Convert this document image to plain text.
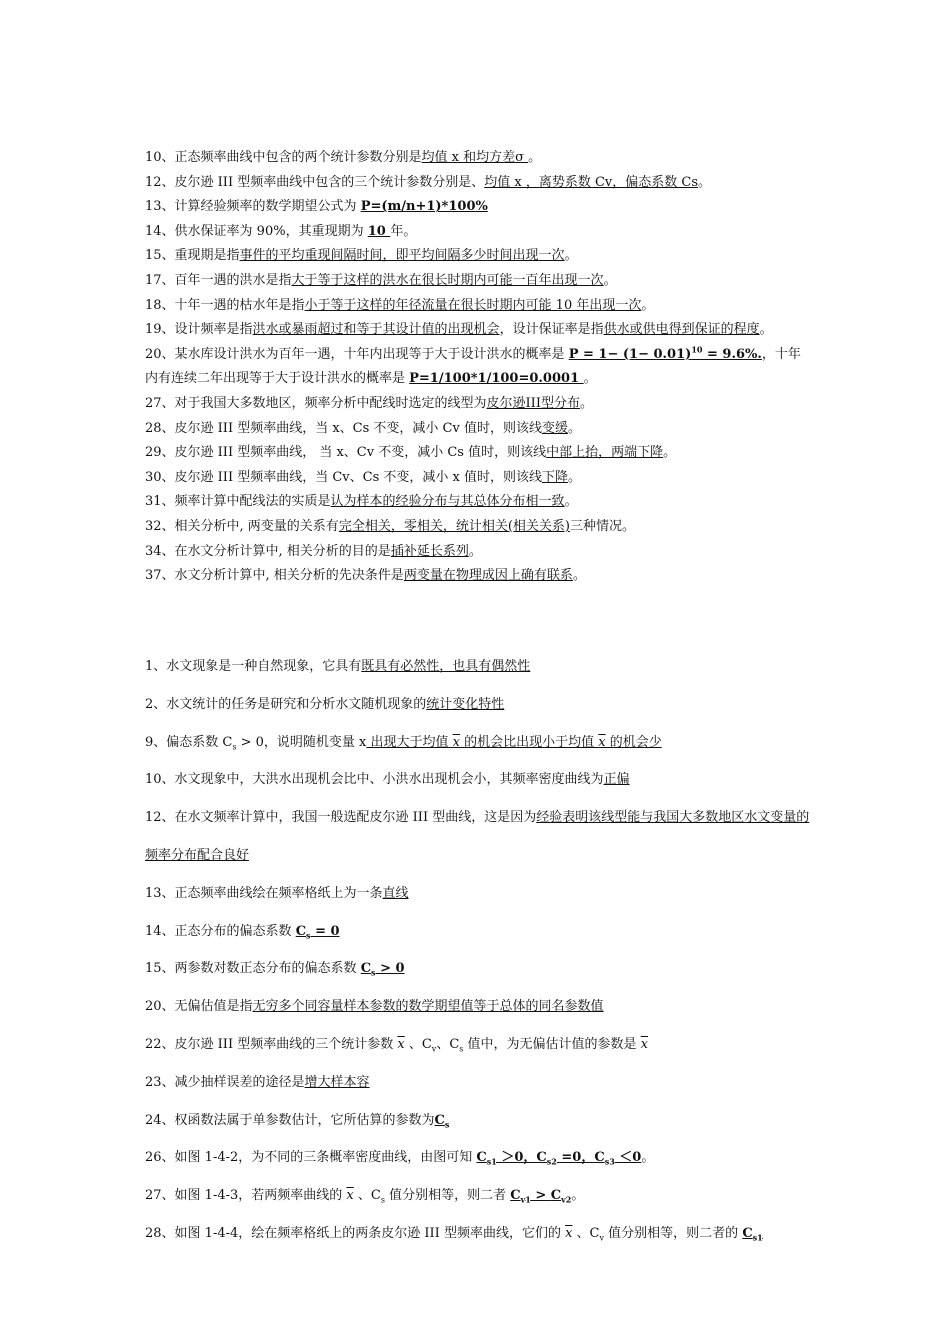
10、正态频率曲线中包含的两个统计参数分别是均值 x 和均方差σ 。

12、皮尔逊 III 型频率曲线中包含的三个统计参数分别是、均值 x ，离势系数 Cv，偏态系数 Cs。

13、计算经验频率的数学期望公式为 P=(m/n+1)*100%

14、供水保证率为 90%，其重现期为 10 年。

15、重现期是指事件的平均重现间隔时间，即平均间隔多少时间出现一次。

17、百年一遇的洪水是指大于等于这样的洪水在很长时期内可能一百年出现一次。

18、十年一遇的枯水年是指小于等于这样的年径流量在很长时期内可能 10 年出现一次。

19、设计频率是指洪水或暴雨超过和等于其设计值的出现机会，设计保证率是指供水或供电得到保证的程度。

20、某水库设计洪水为百年一遇，十年内出现等于大于设计洪水的概率是 $P = 1- (1- 0.01)^{10} = 9.6\%$.，十年内有连续二年出现等于大于设计洪水的概率是 P=1/100*1/100=0.0001 。

27、对于我国大多数地区，频率分析中配线时选定的线型为皮尔逊III型分布。

28、皮尔逊 III 型频率曲线，当 x、Cs 不变，减小 Cv 值时，则该线变缓。

29、皮尔逊 III 型频率曲线， 当 x、Cv 不变，减小 Cs 值时，则该线中部上抬，两端下降。

30、皮尔逊 III 型频率曲线，当 Cv、Cs 不变，减小 x 值时，则该线下降。

31、频率计算中配线法的实质是认为样本的经验分布与其总体分布相一致。

32、相关分析中, 两变量的关系有完全相关，零相关，统计相关(相关关系)三种情况。

34、在水文分析计算中, 相关分析的目的是插补延长系列。

37、水文分析计算中, 相关分析的先决条件是两变量在物理成因上确有联系。

1、水文现象是一种自然现象，它具有既具有必然性，也具有偶然性

2、水文统计的任务是研究和分析水文随机现象的统计变化特性

9、偏态系数 $C_s > 0$，说明随机变量 x 出现大于均值 x 的机会比出现小于均值 x 的机会少

10、水文现象中，大洪水出现机会比中、小洪水出现机会小，其频率密度曲线为正偏

12、在水文频率计算中，我国一般选配皮尔逊 III 型曲线，这是因为经验表明该线型能与我国大多数地区水文变量的频率分布配合良好

13、正态频率曲线绘在频率格纸上为一条直线

14、正态分布的偏态系数 $C_s = 0$

15、两参数对数正态分布的偏态系数 $C_s > 0$

20、无偏估值是指无穷多个同容量样本参数的数学期望值等于总体的同名参数值

22、皮尔逊 III 型频率曲线的三个统计参数 $\overline{x}$ 、$C_v$、$C_s$ 值中，为无偏估计值的参数是 $\overline{x}$

23、减少抽样误差的途径是增大样本容

24、权函数法属于单参数估计，它所估算的参数为$C_s$

26、如图 1-4-2，为不同的三条概率密度曲线，由图可知 $C_{s1} >0$，$C_{s2} =0$，$C_{s3} <0$。

27、如图 1-4-3，若两频率曲线的 $\overline{x}$ 、$C_s$ 值分别相等，则二者 $C_{v1} > C_{v2}$。

28、如图 1-4-4，绘在频率格纸上的两条皮尔逊 III 型频率曲线，它们的 $\overline{x}$ 、$C_v$ 值分别相等，则二者的 $C_{s1}$
